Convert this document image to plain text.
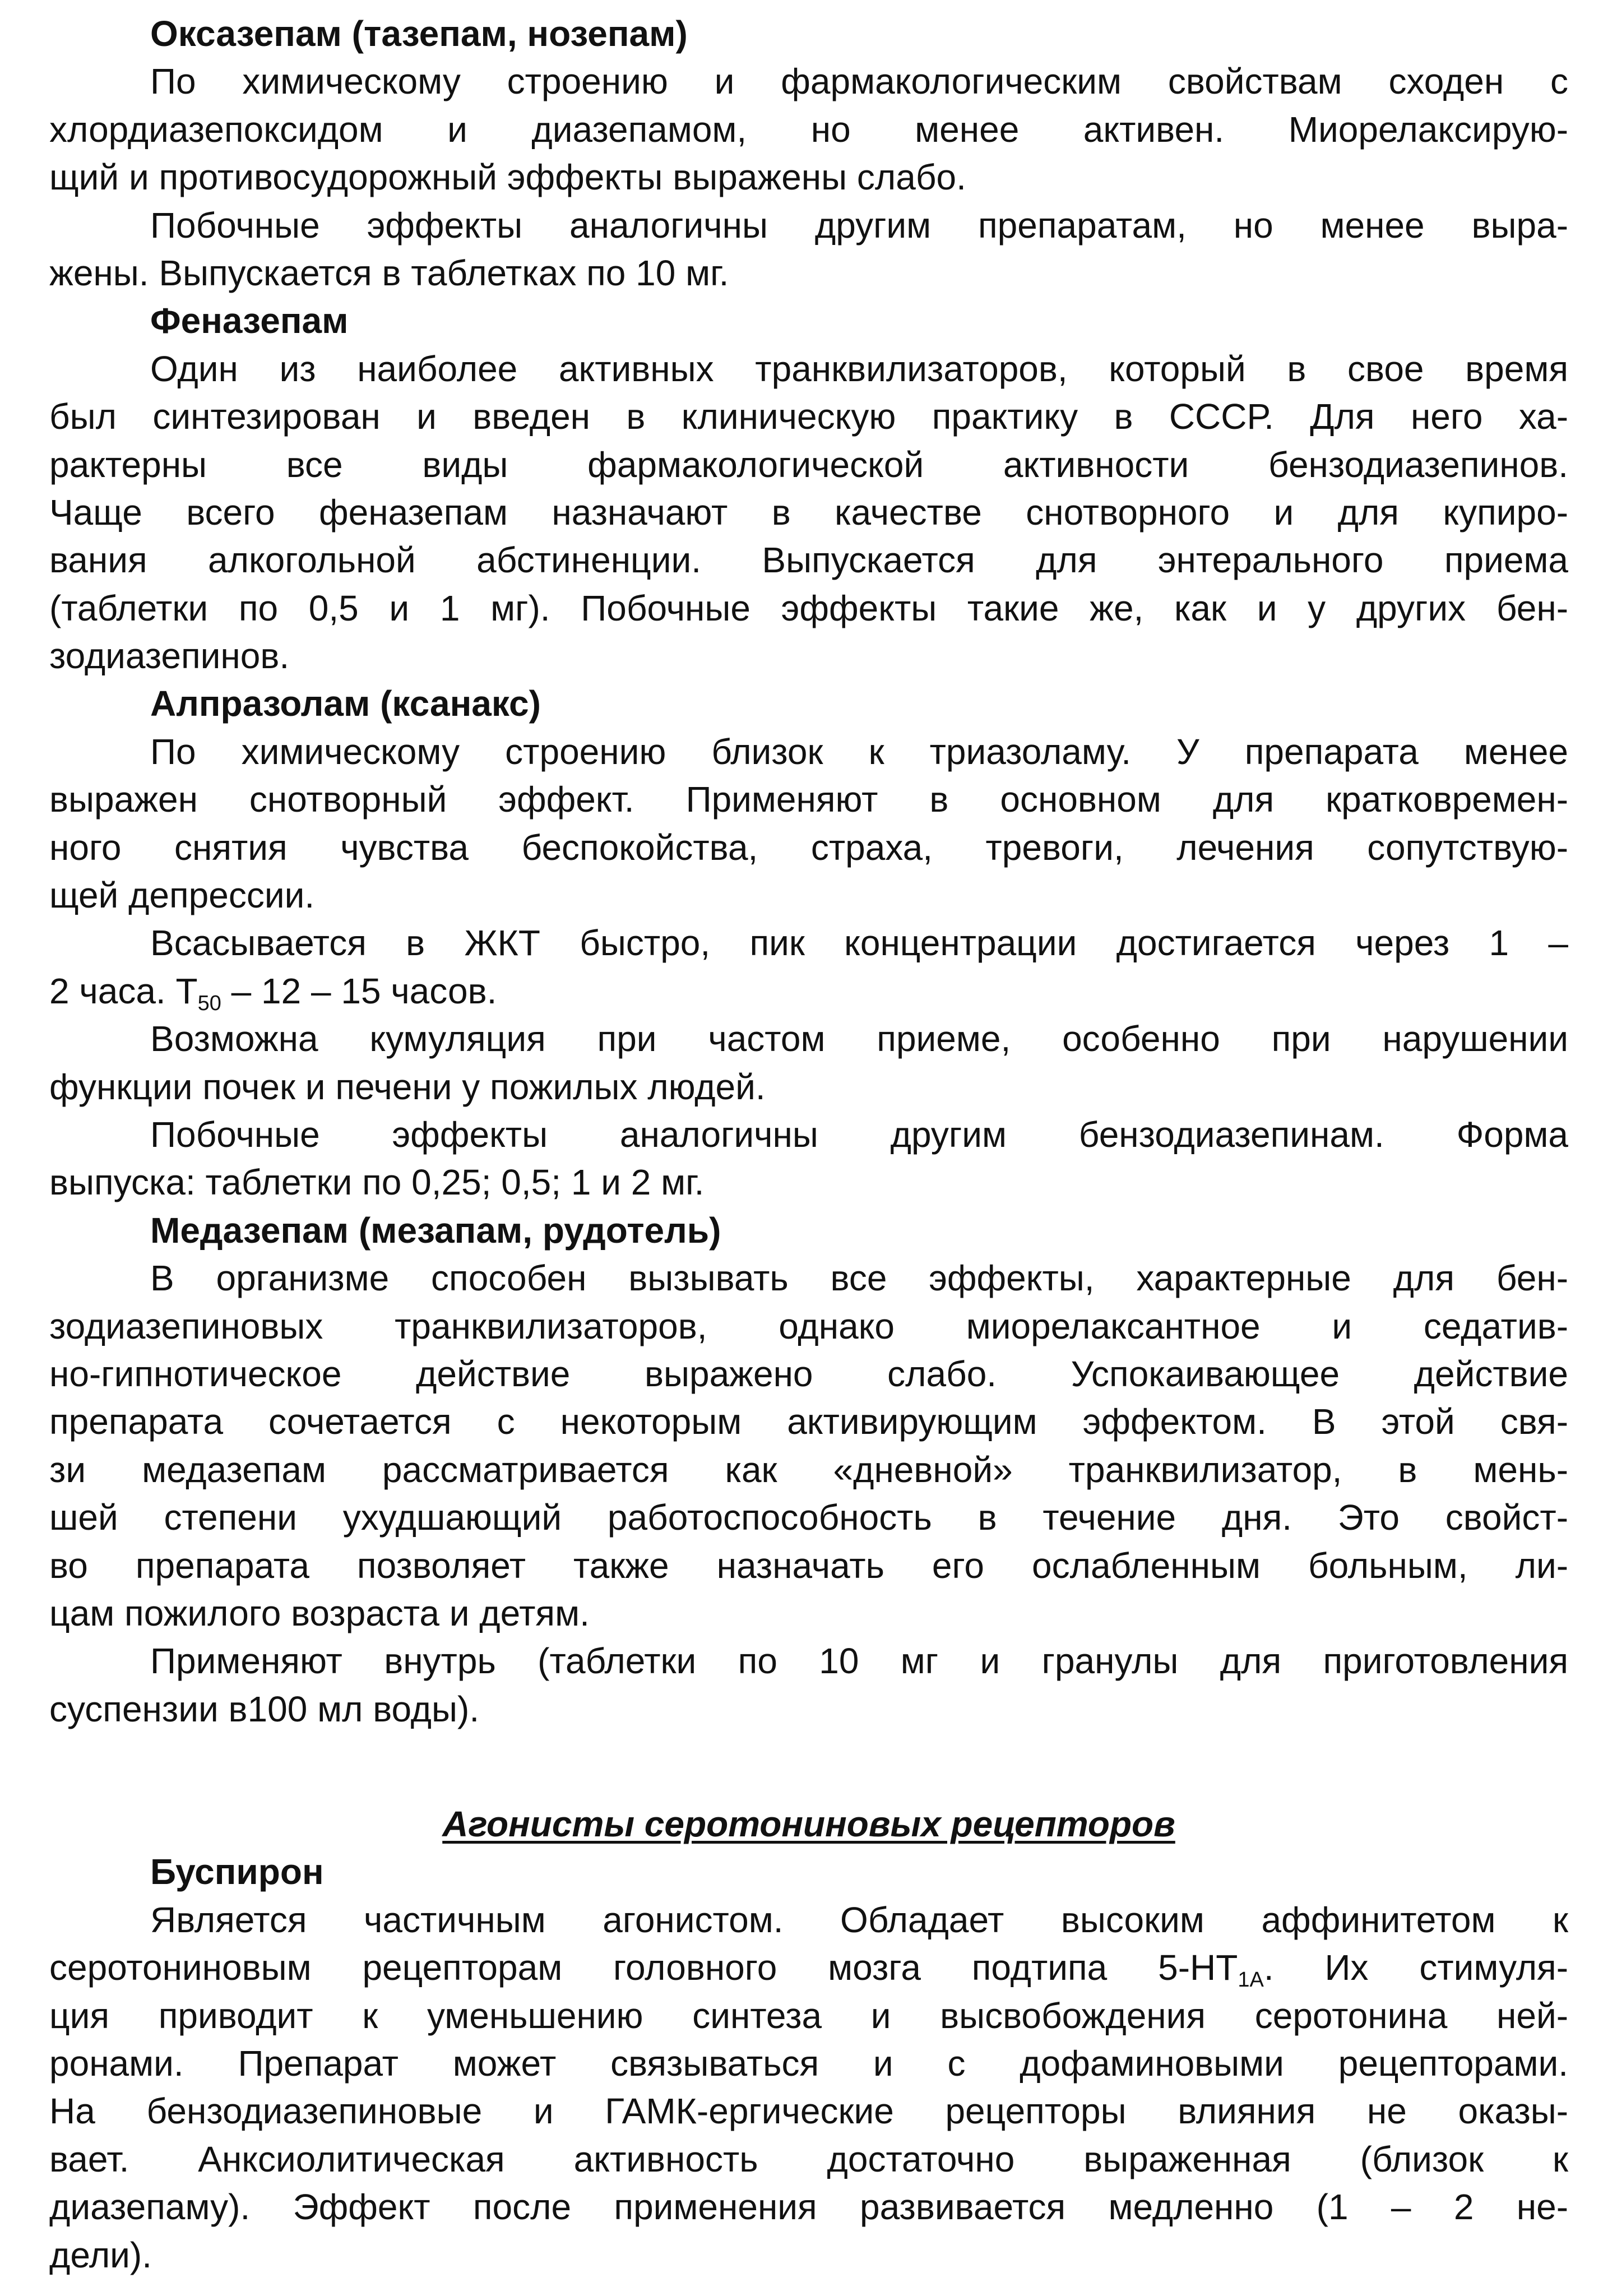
Оксазепам (тазепам, нозепам)
По химическому строению и фармакологическим свойствам сходен с
хлордиазепоксидом и диазепамом, но менее активен. Миорелаксирую-
щий и противосудорожный эффекты выражены слабо.
Побочные эффекты аналогичны другим препаратам, но менее выра-
жены. Выпускается в таблетках по 10 мг.
Феназепам
Один из наиболее активных транквилизаторов, который в свое время
был синтезирован и введен в клиническую практику в СССР. Для него ха-
рактерны все виды фармакологической активности бензодиазепинов.
Чаще всего феназепам назначают в качестве снотворного и для купиро-
вания алкогольной абстиненции. Выпускается для энтерального приема
(таблетки по 0,5 и 1 мг). Побочные эффекты такие же, как и у других бен-
зодиазепинов.
Алпразолам (ксанакс)
По химическому строению близок к триазоламу. У препарата менее
выражен снотворный эффект. Применяют в основном для кратковремен-
ного снятия чувства беспокойства, страха, тревоги, лечения сопутствую-
щей депрессии.
Всасывается в ЖКТ быстро, пик концентрации достигается через 1 –
2 часа. $Т_{50} - 12 - 15$ часов.
Возможна кумуляция при частом приеме, особенно при нарушении
функции почек и печени у пожилых людей.
Побочные эффекты аналогичны другим бензодиазепинам. Форма
выпуска: таблетки по 0,25; 0,5; 1 и 2 мг.
Медазепам (мезапам, рудотель)
В организме способен вызывать все эффекты, характерные для бен-
зодиазепиновых транквилизаторов, однако миорелаксантное и седатив-
но-гипнотическое действие выражено слабо. Успокаивающее действие
препарата сочетается с некоторым активирующим эффектом. В этой свя-
зи медазепам рассматривается как «дневной» транквилизатор, в мень-
шей степени ухудшающий работоспособность в течение дня. Это свойст-
во препарата позволяет также назначать его ослабленным больным, ли-
цам пожилого возраста и детям.
Применяют внутрь (таблетки по 10 мг и гранулы для приготовления
суспензии в100 мл воды).
Агонисты серотониновых рецепторов
Буспирон
Является частичным агонистом. Обладает высоким аффинитетом к
серотониновым рецепторам головного мозга подтипа $5-НТ_{1А}$. Их стимуля-
ция приводит к уменьшению синтеза и высвобождения серотонина ней-
ронами. Препарат может связываться и с дофаминовыми рецепторами.
На бензодиазепиновые и ГАМК-ергические рецепторы влияния не оказы-
вает. Анксиолитическая активность достаточно выраженная (близок к
диазепаму). Эффект после применения развивается медленно (1 – 2 не-
дели).
